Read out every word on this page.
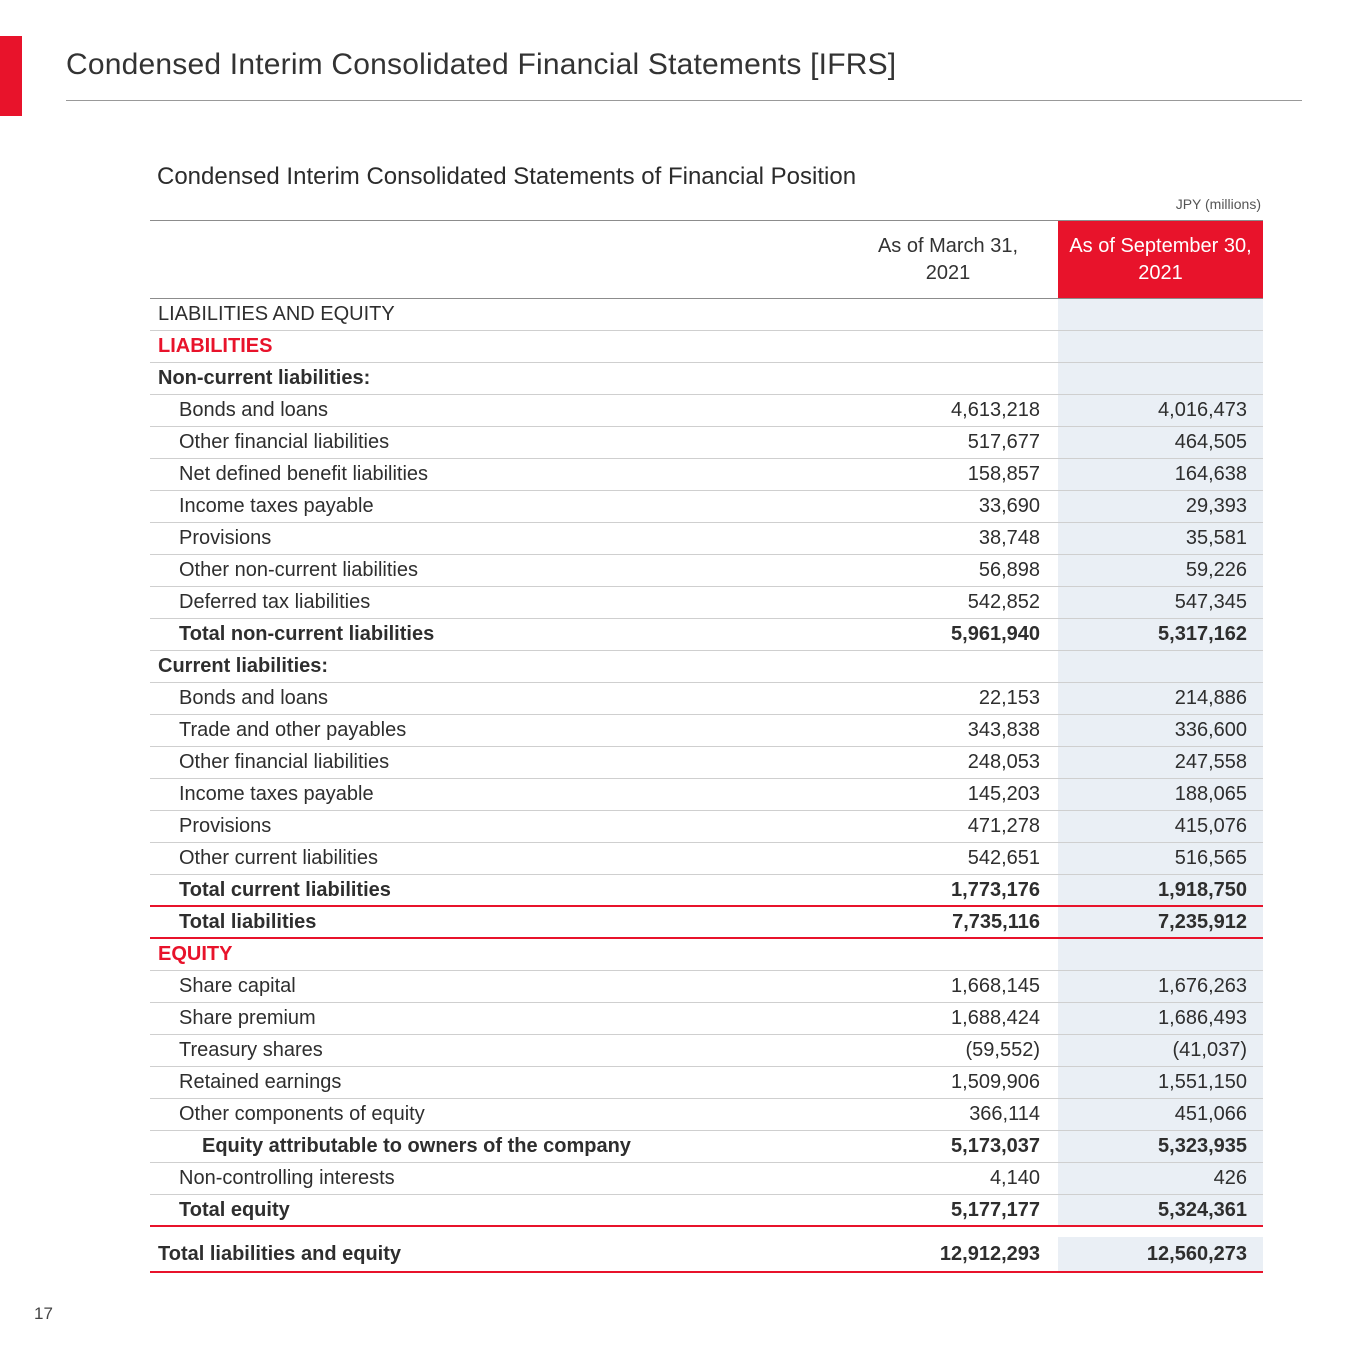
Condensed Interim Consolidated Financial Statements [IFRS]
Condensed Interim Consolidated Statements of Financial Position
JPY (millions)
As of March 31,
2021
As of September 30,
2021
LIABILITIES AND EQUITY
LIABILITIES
Non-current liabilities:
Bonds and loans	4,613,218	4,016,473
Other financial liabilities	517,677	464,505
Net defined benefit liabilities	158,857	164,638
Income taxes payable	33,690	29,393
Provisions	38,748	35,581
Other non-current liabilities	56,898	59,226
Deferred tax liabilities	542,852	547,345
Total non-current liabilities	5,961,940	5,317,162
Current liabilities:
Bonds and loans	22,153	214,886
Trade and other payables	343,838	336,600
Other financial liabilities	248,053	247,558
Income taxes payable	145,203	188,065
Provisions	471,278	415,076
Other current liabilities	542,651	516,565
Total current liabilities	1,773,176	1,918,750
Total liabilities	7,735,116	7,235,912
EQUITY
Share capital	1,668,145	1,676,263
Share premium	1,688,424	1,686,493
Treasury shares	(59,552)	(41,037)
Retained earnings	1,509,906	1,551,150
Other components of equity	366,114	451,066
Equity attributable to owners of the company	5,173,037	5,323,935
Non-controlling interests	4,140	426
Total equity	5,177,177	5,324,361
Total liabilities and equity	12,912,293	12,560,273
17
